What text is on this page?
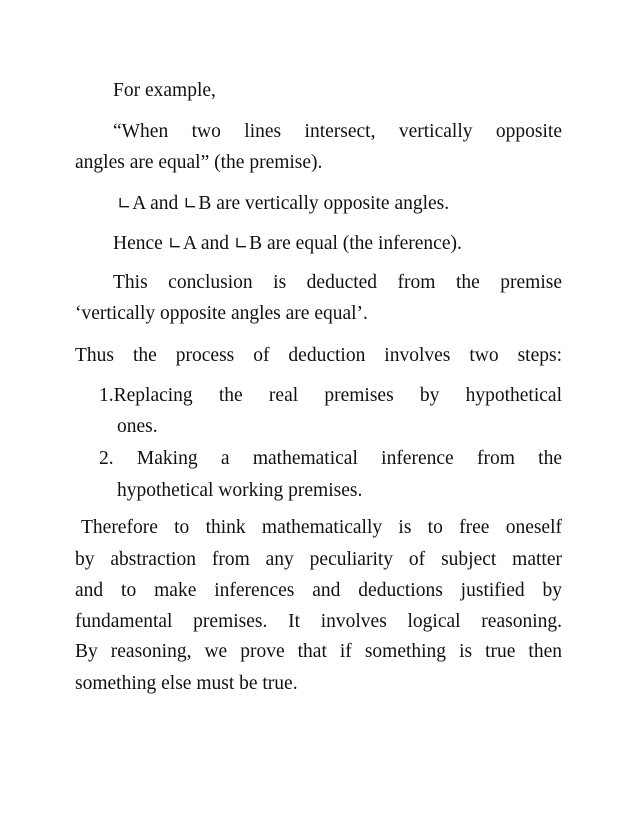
For example,
“When two lines intersect, vertically opposite
angles are equal” (the premise).
∟A and ∟B are vertically opposite angles.
Hence ∟A and ∟B are equal (the inference).
This conclusion is deducted from the premise
‘vertically opposite angles are equal’.
Thus the process of deduction involves two steps:
1.Replacing the real premises by hypothetical
ones.
2. Making a mathematical inference from the
hypothetical working premises.
Therefore to think mathematically is to free oneself
by abstraction from any peculiarity of subject matter
and to make inferences and deductions justified by
fundamental premises. It involves logical reasoning.
By reasoning, we prove that if something is true then
something else must be true.
